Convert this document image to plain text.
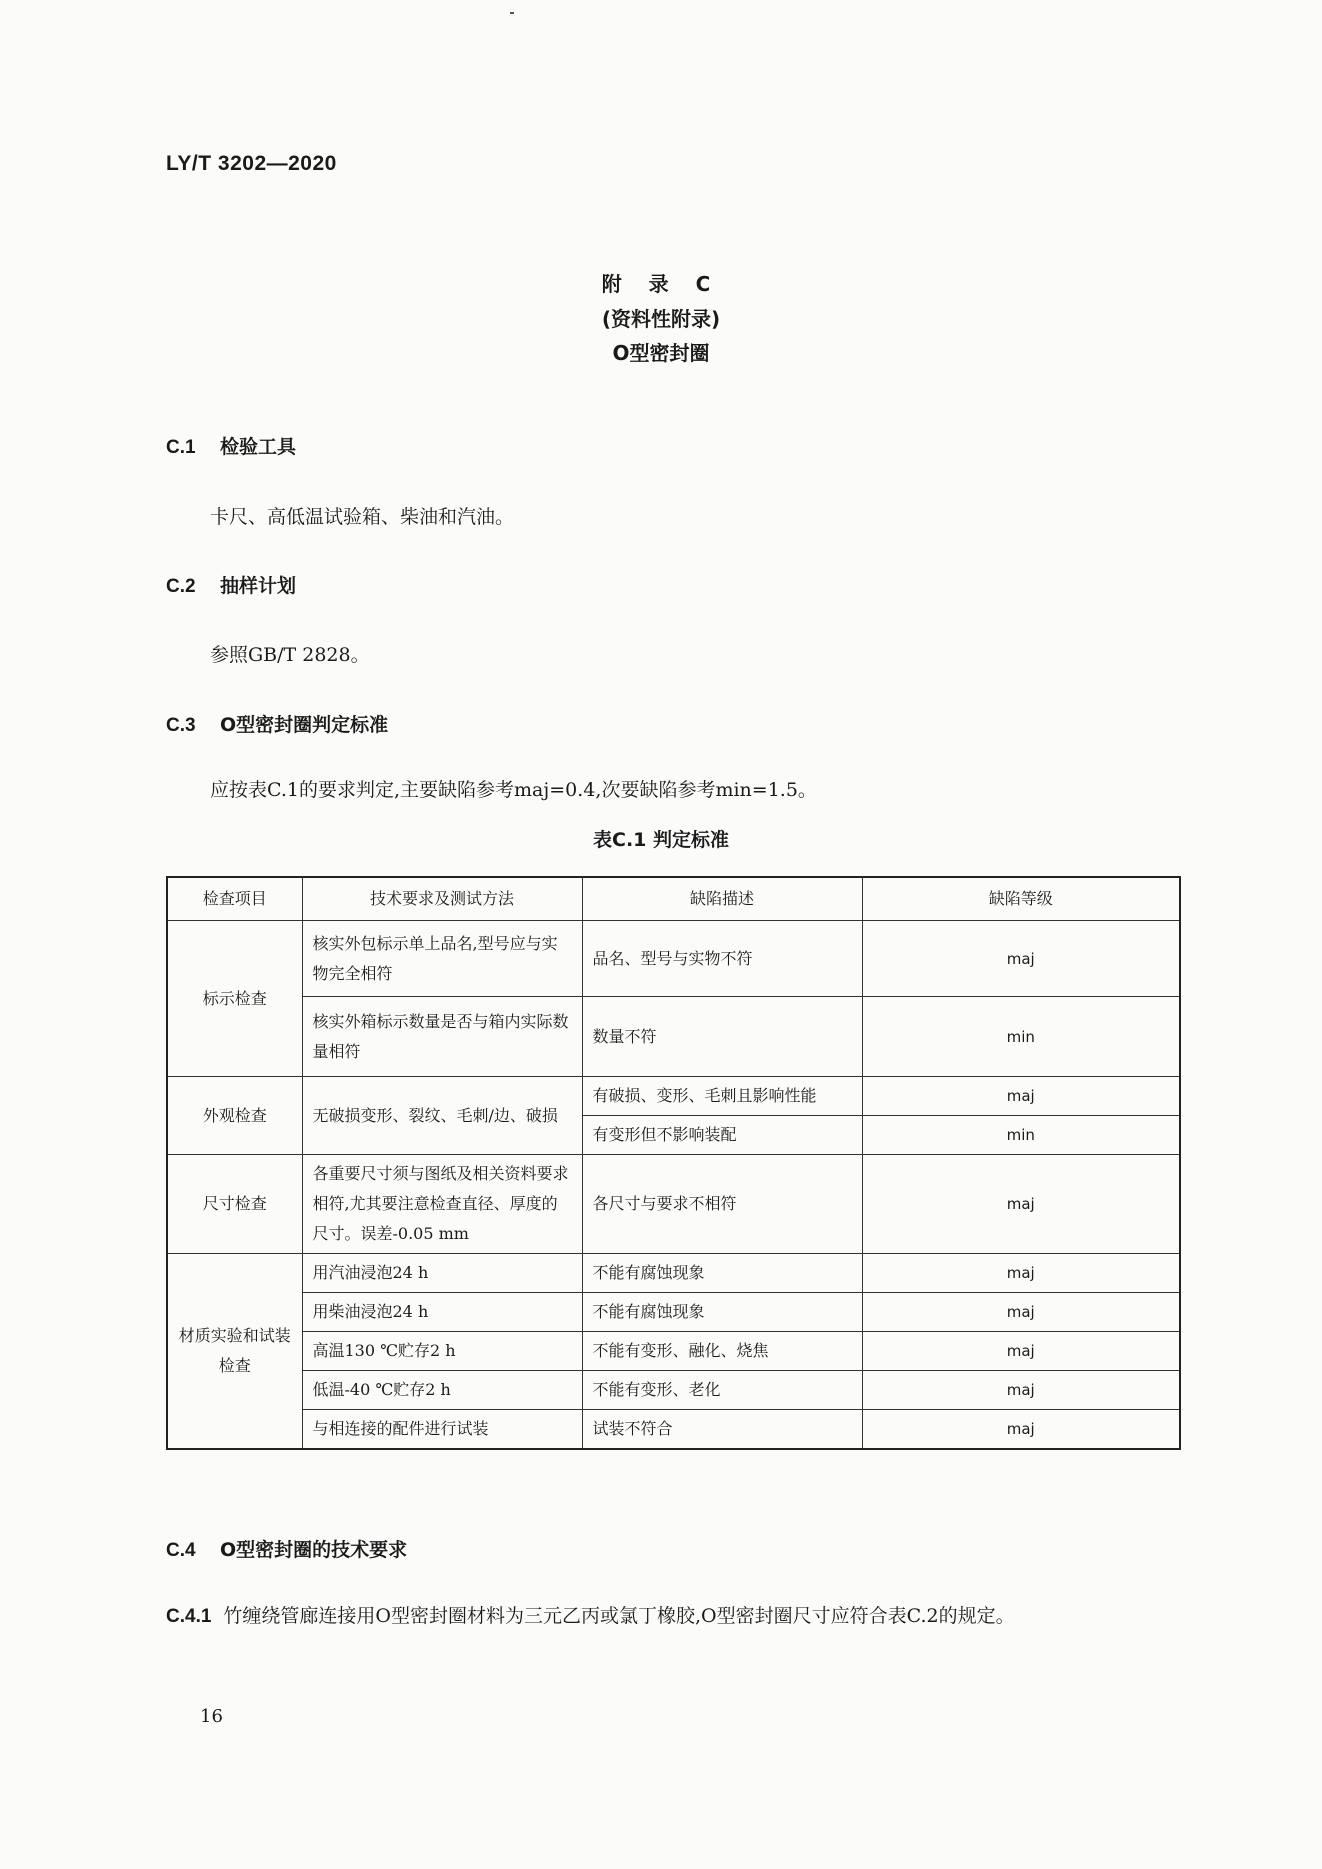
LY/T 3202—2020
附 录 C
(资料性附录)
O型密封圈
C.1 检验工具
卡尺、高低温试验箱、柴油和汽油。
C.2 抽样计划
参照GB/T 2828。
C.3 O型密封圈判定标准
应按表C.1的要求判定,主要缺陷参考maj=0.4,次要缺陷参考min=1.5。
表C.1 判定标准
检查项目	技术要求及测试方法	缺陷描述	缺陷等级
标示检查	核实外包标示单上品名,型号应与实物完全相符	品名、型号与实物不符	maj
	核实外箱标示数量是否与箱内实际数量相符	数量不符	min
外观检查	无破损变形、裂纹、毛刺/边、破损	有破损、变形、毛刺且影响性能	maj
		有变形但不影响装配	min
尺寸检查	各重要尺寸须与图纸及相关资料要求相符,尤其要注意检查直径、厚度的尺寸。误差-0.05 mm	各尺寸与要求不相符	maj
材质实验和试装检查	用汽油浸泡24 h	不能有腐蚀现象	maj
	用柴油浸泡24 h	不能有腐蚀现象	maj
	高温130 ℃贮存2 h	不能有变形、融化、烧焦	maj
	低温-40 ℃贮存2 h	不能有变形、老化	maj
	与相连接的配件进行试装	试装不符合	maj
C.4 O型密封圈的技术要求
C.4.1 竹缠绕管廊连接用O型密封圈材料为三元乙丙或氯丁橡胶,O型密封圈尺寸应符合表C.2的规定。
16
